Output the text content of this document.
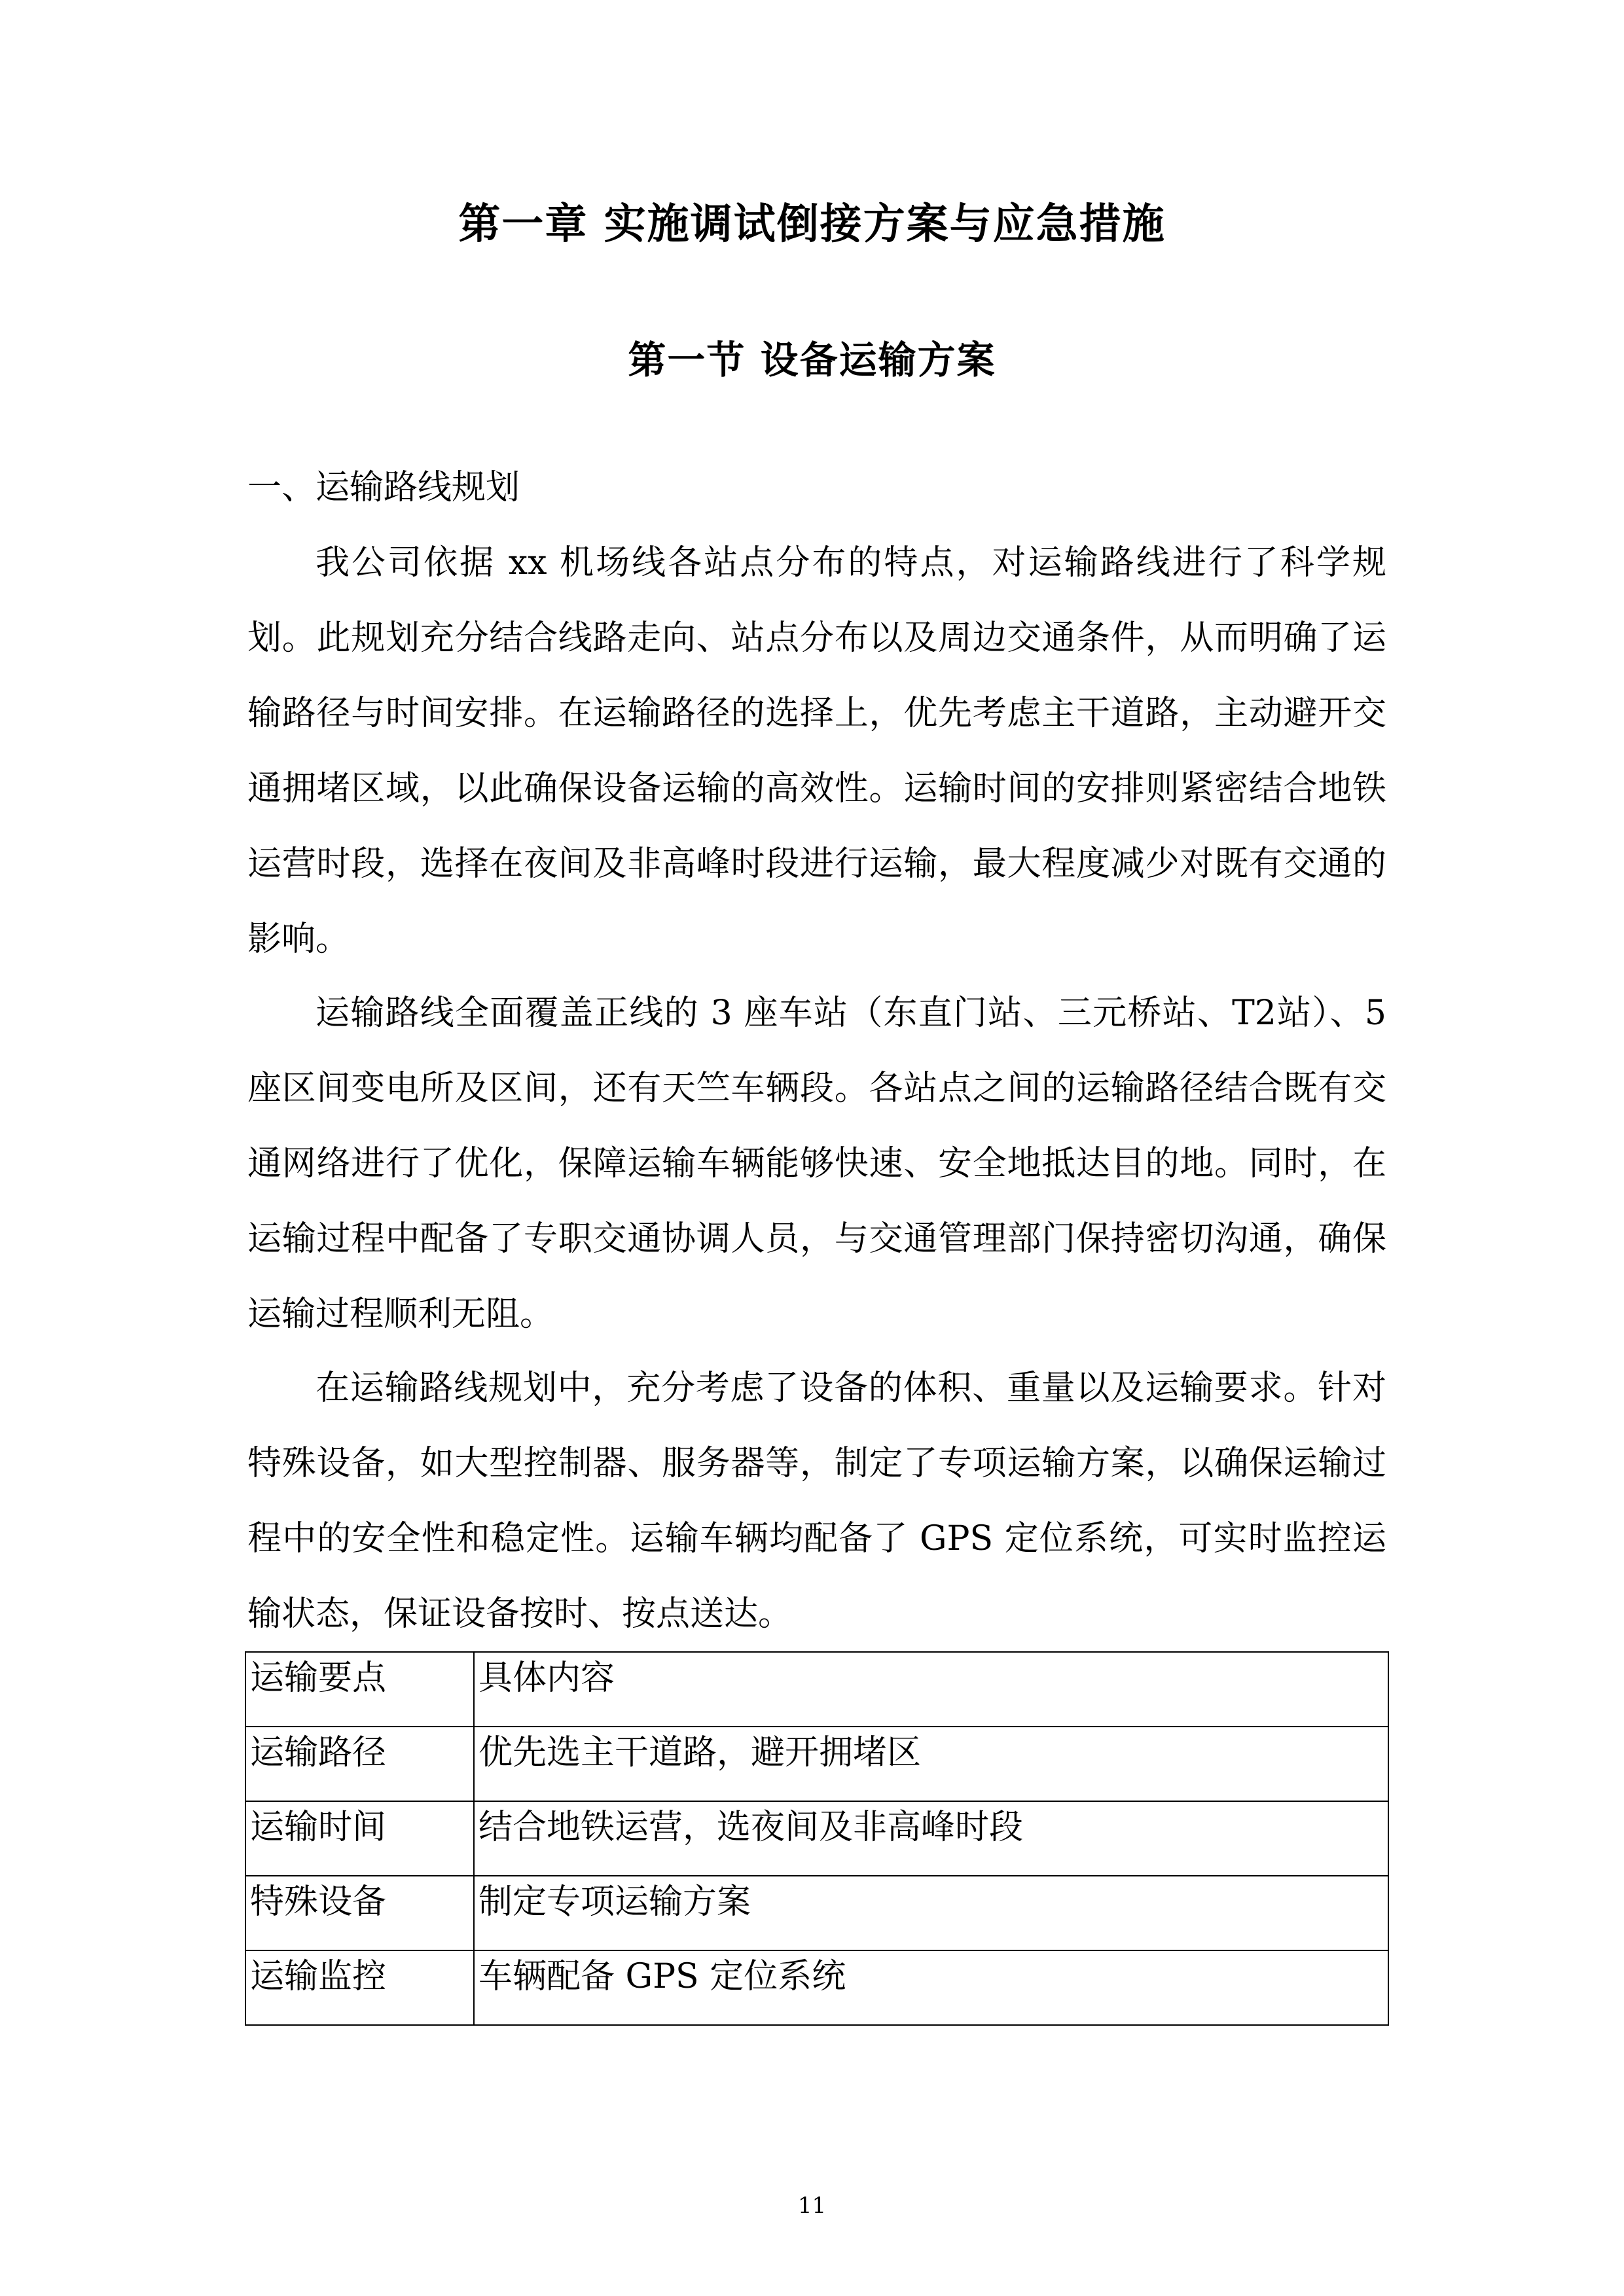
第一章 实施调试倒接方案与应急措施
第一节 设备运输方案

一、运输路线规划

我公司依据 xx 机场线各站点分布的特点，对运输路线进行了科学规划。此规划充分结合线路走向、站点分布以及周边交通条件，从而明确了运输路径与时间安排。在运输路径的选择上，优先考虑主干道路，主动避开交通拥堵区域，以此确保设备运输的高效性。运输时间的安排则紧密结合地铁运营时段，选择在夜间及非高峰时段进行运输，最大程度减少对既有交通的影响。

运输路线全面覆盖正线的 3 座车站（东直门站、三元桥站、T2站）、5 座区间变电所及区间，还有天竺车辆段。各站点之间的运输路径结合既有交通网络进行了优化，保障运输车辆能够快速、安全地抵达目的地。同时，在运输过程中配备了专职交通协调人员，与交通管理部门保持密切沟通，确保运输过程顺利无阻。

在运输路线规划中，充分考虑了设备的体积、重量以及运输要求。针对特殊设备，如大型控制器、服务器等，制定了专项运输方案，以确保运输过程中的安全性和稳定性。运输车辆均配备了 GPS 定位系统，可实时监控运输状态，保证设备按时、按点送达。

运输要点	具体内容
运输路径	优先选主干道路，避开拥堵区
运输时间	结合地铁运营，选夜间及非高峰时段
特殊设备	制定专项运输方案
运输监控	车辆配备 GPS 定位系统
11
